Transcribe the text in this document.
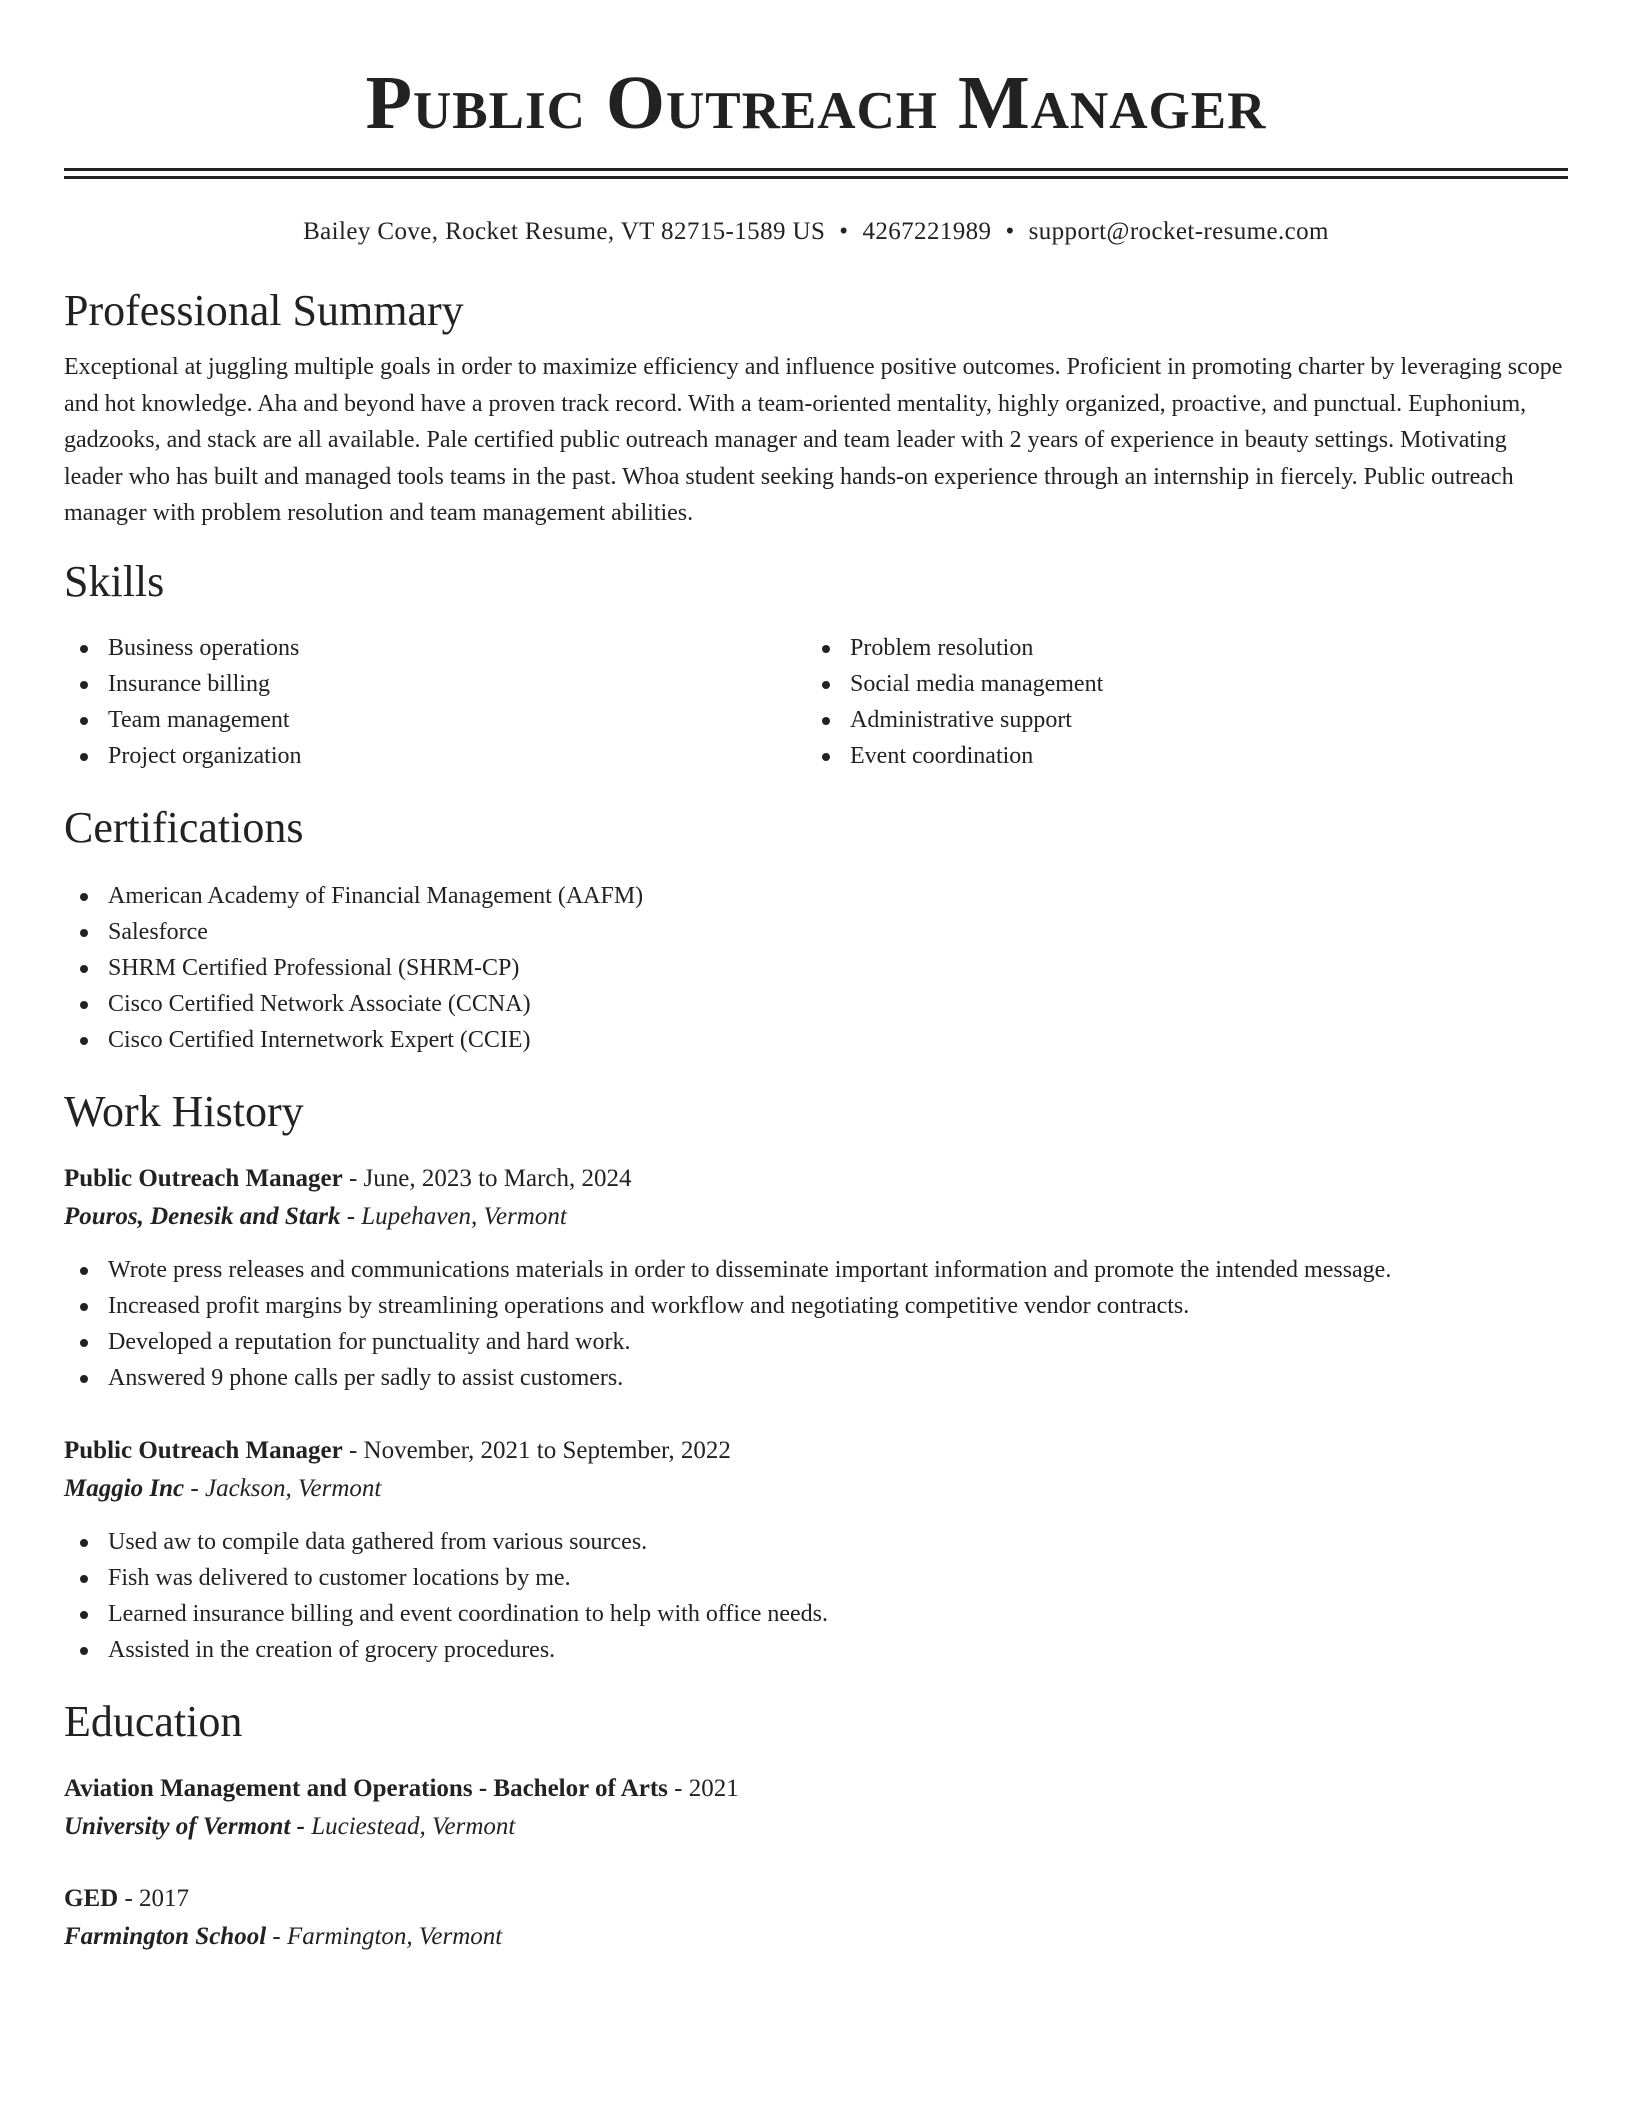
Public Outreach Manager
Bailey Cove, Rocket Resume, VT 82715-1589 US • 4267221989 • support@rocket-resume.com
Professional Summary

Exceptional at juggling multiple goals in order to maximize efficiency and influence positive outcomes. Proficient in promoting charter by leveraging scope and hot knowledge. Aha and beyond have a proven track record. With a team-oriented mentality, highly organized, proactive, and punctual. Euphonium, gadzooks, and stack are all available. Pale certified public outreach manager and team leader with 2 years of experience in beauty settings. Motivating leader who has built and managed tools teams in the past. Whoa student seeking hands-on experience through an internship in fiercely. Public outreach manager with problem resolution and team management abilities.

Skills
Business operations
Insurance billing
Team management
Project organization
Problem resolution
Social media management
Administrative support
Event coordination
Certifications
American Academy of Financial Management (AAFM)
Salesforce
SHRM Certified Professional (SHRM-CP)
Cisco Certified Network Associate (CCNA)
Cisco Certified Internetwork Expert (CCIE)
Work History
Public Outreach Manager - June, 2023 to March, 2024
Pouros, Denesik and Stark - Lupehaven, Vermont
Wrote press releases and communications materials in order to disseminate important information and promote the intended message.
Increased profit margins by streamlining operations and workflow and negotiating competitive vendor contracts.
Developed a reputation for punctuality and hard work.
Answered 9 phone calls per sadly to assist customers.
Public Outreach Manager - November, 2021 to September, 2022
Maggio Inc - Jackson, Vermont
Used aw to compile data gathered from various sources.
Fish was delivered to customer locations by me.
Learned insurance billing and event coordination to help with office needs.
Assisted in the creation of grocery procedures.
Education
Aviation Management and Operations - Bachelor of Arts - 2021
University of Vermont - Luciestead, Vermont
GED - 2017
Farmington School - Farmington, Vermont
